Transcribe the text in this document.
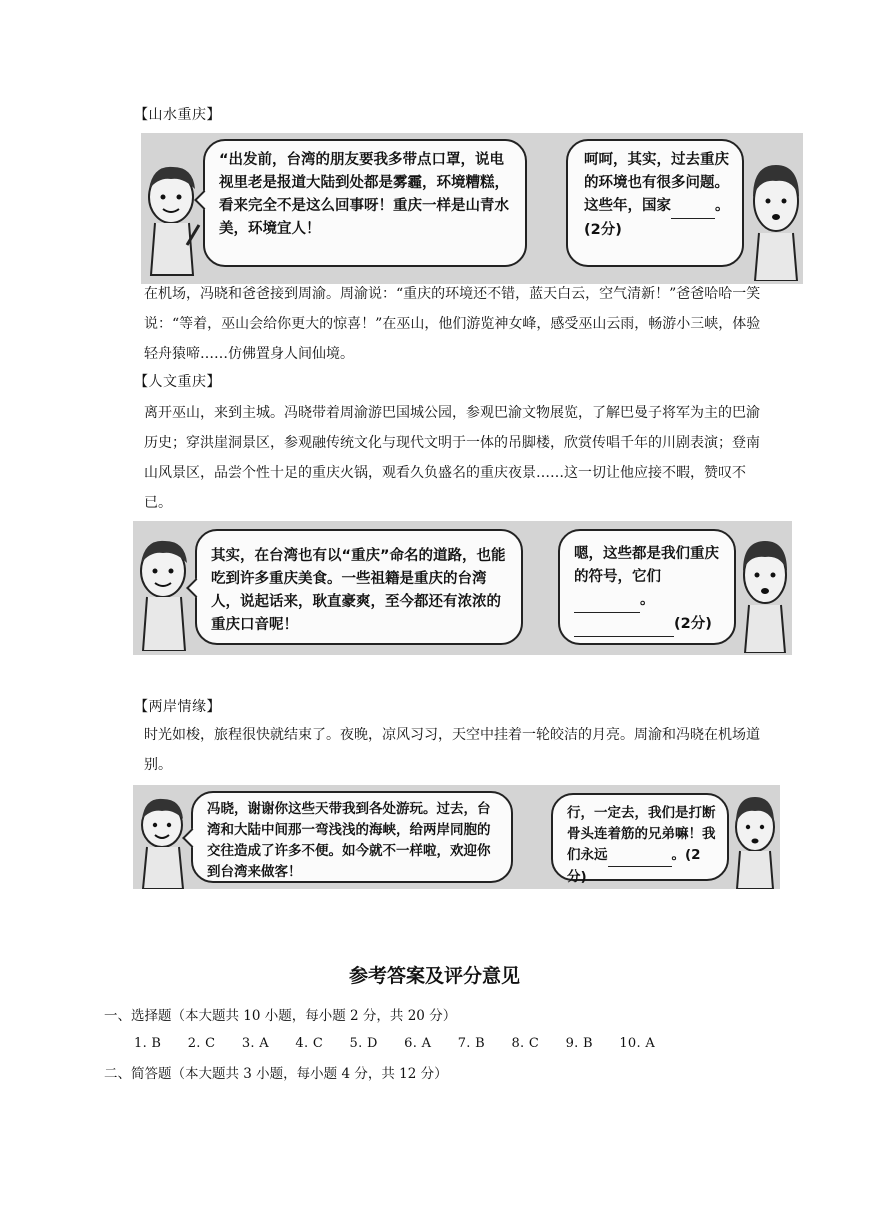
【山水重庆】
“出发前，台湾的朋友要我多带点口罩，说电视里老是报道大陆到处都是雾霾，环境糟糕，看来完全不是这么回事呀！重庆一样是山青水美，环境宜人！
呵呵，其实，过去重庆的环境也有很多问题。这些年，国家	。(2分)
在机场，冯晓和爸爸接到周渝。周渝说：“重庆的环境还不错，蓝天白云，空气清新！”爸爸哈哈一笑说：“等着，巫山会给你更大的惊喜！”在巫山，他们游览神女峰，感受巫山云雨，畅游小三峡，体验轻舟猿啼……仿佛置身人间仙境。
【人文重庆】
离开巫山，来到主城。冯晓带着周渝游巴国城公园，参观巴渝文物展览，了解巴曼子将军为主的巴渝历史；穿洪崖洞景区，参观融传统文化与现代文明于一体的吊脚楼，欣赏传唱千年的川剧表演；登南山风景区，品尝个性十足的重庆火锅，观看久负盛名的重庆夜景……这一切让他应接不暇，赞叹不已。
其实，在台湾也有以“重庆”命名的道路，也能吃到许多重庆美食。一些祖籍是重庆的台湾人，说起话来，耿直豪爽，至今都还有浓浓的重庆口音呢！
嗯，这些都是我们重庆的符号，它们 。
(2分)
【两岸情缘】
时光如梭，旅程很快就结束了。夜晚，凉风习习，天空中挂着一轮皎洁的月亮。周渝和冯晓在机场道别。
冯晓，谢谢你这些天带我到各处游玩。过去，台湾和大陆中间那一弯浅浅的海峡，给两岸同胞的交往造成了许多不便。如今就不一样啦，欢迎你到台湾来做客！
行，一定去，我们是打断骨头连着筋的兄弟嘛！我们永远	。(2分)
参考答案及评分意见
一、选择题（本大题共 10 小题，每小题 2 分，共 20 分）
1. B 2. C 3. A 4. C 5. D 6. A 7. B 8. C 9. B 10. A
二、简答题（本大题共 3 小题，每小题 4 分，共 12 分）
